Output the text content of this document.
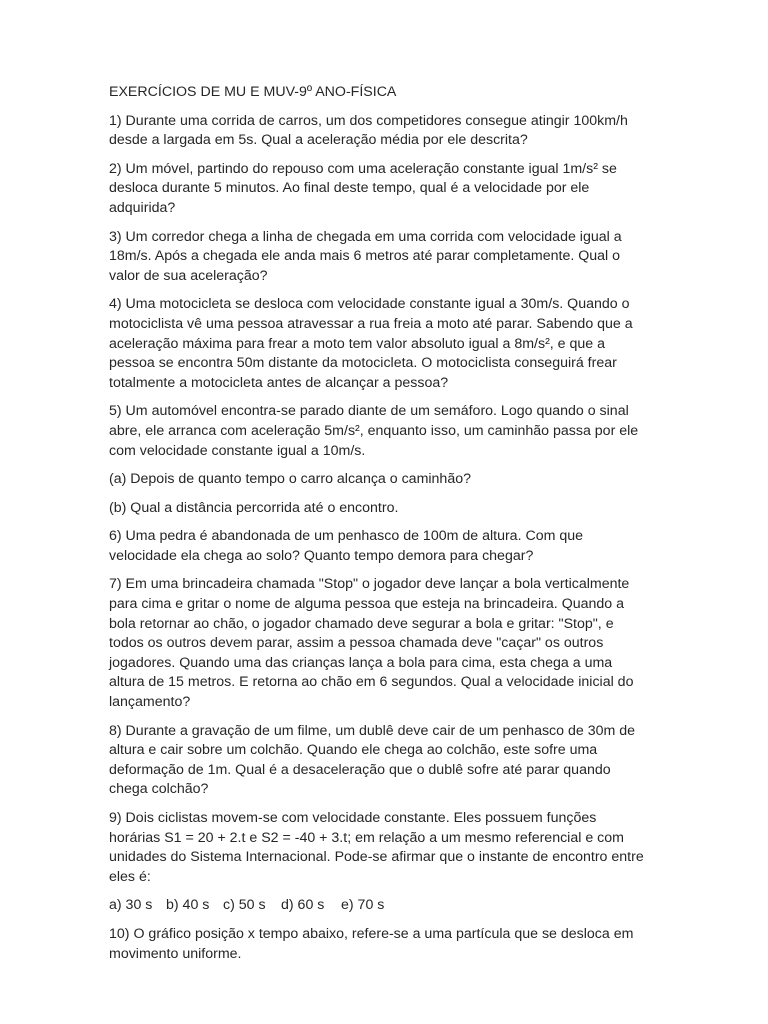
EXERCÍCIOS DE MU E MUV-9º ANO-FÍSICA

1) Durante uma corrida de carros, um dos competidores consegue atingir 100km/h desde a largada em 5s. Qual a aceleração média por ele descrita?

2) Um móvel, partindo do repouso com uma aceleração constante igual 1m/s² se desloca durante 5 minutos. Ao final deste tempo, qual é a velocidade por ele adquirida?

3) Um corredor chega a linha de chegada em uma corrida com velocidade igual a 18m/s. Após a chegada ele anda mais 6 metros até parar completamente. Qual o valor de sua aceleração?

4) Uma motocicleta se desloca com velocidade constante igual a 30m/s. Quando o motociclista vê uma pessoa atravessar a rua freia a moto até parar. Sabendo que a aceleração máxima para frear a moto tem valor absoluto igual a 8m/s², e que a pessoa se encontra 50m distante da motocicleta. O motociclista conseguirá frear totalmente a motocicleta antes de alcançar a pessoa?

5) Um automóvel encontra-se parado diante de um semáforo. Logo quando o sinal abre, ele arranca com aceleração 5m/s², enquanto isso, um caminhão passa por ele com velocidade constante igual a 10m/s.

(a) Depois de quanto tempo o carro alcança o caminhão?

(b) Qual a distância percorrida até o encontro.

6) Uma pedra é abandonada de um penhasco de 100m de altura. Com que velocidade ela chega ao solo? Quanto tempo demora para chegar?

7) Em uma brincadeira chamada "Stop" o jogador deve lançar a bola verticalmente para cima e gritar o nome de alguma pessoa que esteja na brincadeira. Quando a bola retornar ao chão, o jogador chamado deve segurar a bola e gritar: "Stop", e todos os outros devem parar, assim a pessoa chamada deve "caçar" os outros jogadores. Quando uma das crianças lança a bola para cima, esta chega a uma altura de 15 metros. E retorna ao chão em 6 segundos. Qual a velocidade inicial do lançamento?

8) Durante a gravação de um filme, um dublê deve cair de um penhasco de 30m de altura e cair sobre um colchão. Quando ele chega ao colchão, este sofre uma deformação de 1m. Qual é a desaceleração que o dublê sofre até parar quando chega colchão?

9) Dois ciclistas movem-se com velocidade constante. Eles possuem funções horárias S1 = 20 + 2.t e S2 = -40 + 3.t; em relação a um mesmo referencial e com unidades do Sistema Internacional. Pode-se afirmar que o instante de encontro entre eles é:

a) 30 s b) 40 s c) 50 s d) 60 s e) 70 s

10) O gráfico posição x tempo abaixo, refere-se a uma partícula que se desloca em movimento uniforme.
